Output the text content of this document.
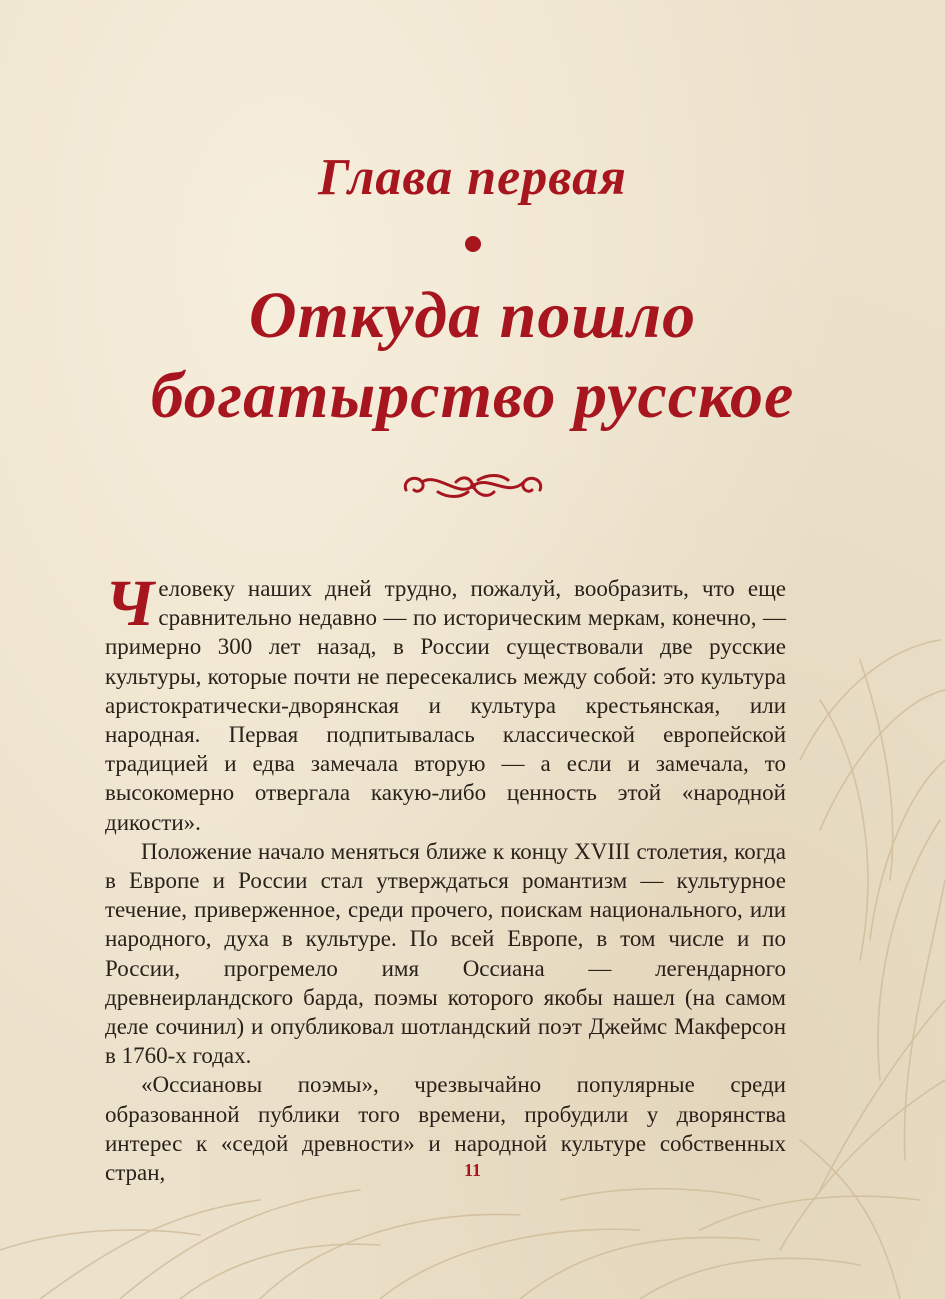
Глава первая
Откуда пошло
богатырство русское

Человеку наших дней трудно, пожалуй, вообразить, что еще сравнительно недавно — по историческим меркам, конечно, — примерно 300 лет назад, в России существовали две русские культуры, которые почти не пересекались между собой: это культура аристократически-дворянская и культура крестьянская, или народная. Первая подпитывалась классической европейской традицией и едва замечала вторую — а если и замечала, то высокомерно отвергала какую-либо ценность этой «народной дикости».

Положение начало меняться ближе к концу XVIII столетия, когда в Европе и России стал утверждаться романтизм — культурное течение, приверженное, среди прочего, поискам национального, или народного, духа в культуре. По всей Европе, в том числе и по России, прогремело имя Оссиана — легендарного древнеирландского барда, поэмы которого якобы нашел (на самом деле сочинил) и опубликовал шотландский поэт Джеймс Макферсон в 1760-х годах.

«Оссиановы поэмы», чрезвычайно популярные среди образованной публики того времени, пробудили у дворянства интерес к «седой древности» и народной культуре собственных стран,	11
